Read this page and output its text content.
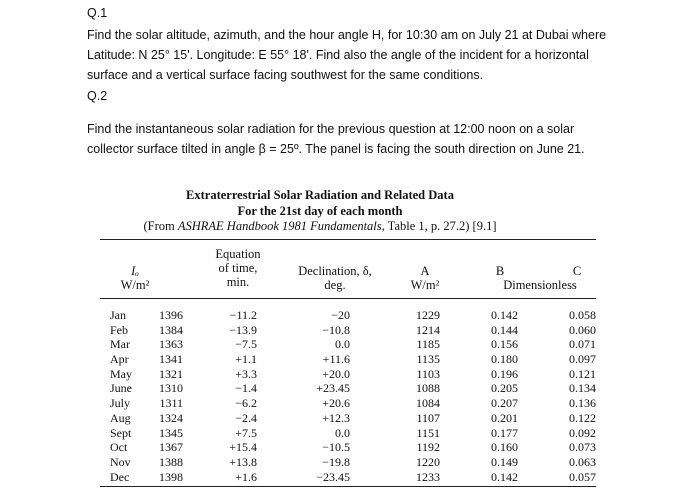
Q.1
Find the solar altitude, azimuth, and the hour angle H, for 10:30 am on July 21 at Dubai where
Latitude: N 25° 15'. Longitude: E 55° 18'. Find also the angle of the incident for a horizontal
surface and a vertical surface facing southwest for the same conditions.
Q.2
Find the instantaneous solar radiation for the previous question at 12:00 noon on a solar
collector surface tilted in angle β = 25º. The panel is facing the south direction on June 21.
Extraterrestrial Solar Radiation and Related Data
For the 21st day of each month
(From ASHRAE Handbook 1981 Fundamentals, Table 1, p. 27.2) [9.1]
Iₒ
W/m²
Equation
of time,
min.
Declination, δ,
deg.
A
W/m²
B	C
Dimensionless
Jan
Feb
Mar
Apr
May
June
July
Aug
Sept
Oct
Nov
Dec
1396
1384
1363
1341
1321
1310
1311
1324
1345
1367
1388
1398
−11.2
−13.9
−7.5
+1.1
+3.3
−1.4
−6.2
−2.4
+7.5
+15.4
+13.8
+1.6
−20
−10.8
0.0
+11.6
+20.0
+23.45
+20.6
+12.3
0.0
−10.5
−19.8
−23.45
1229
1214
1185
1135
1103
1088
1084
1107
1151
1192
1220
1233
0.142
0.144
0.156
0.180
0.196
0.205
0.207
0.201
0.177
0.160
0.149
0.142
0.058
0.060
0.071
0.097
0.121
0.134
0.136
0.122
0.092
0.073
0.063
0.057
